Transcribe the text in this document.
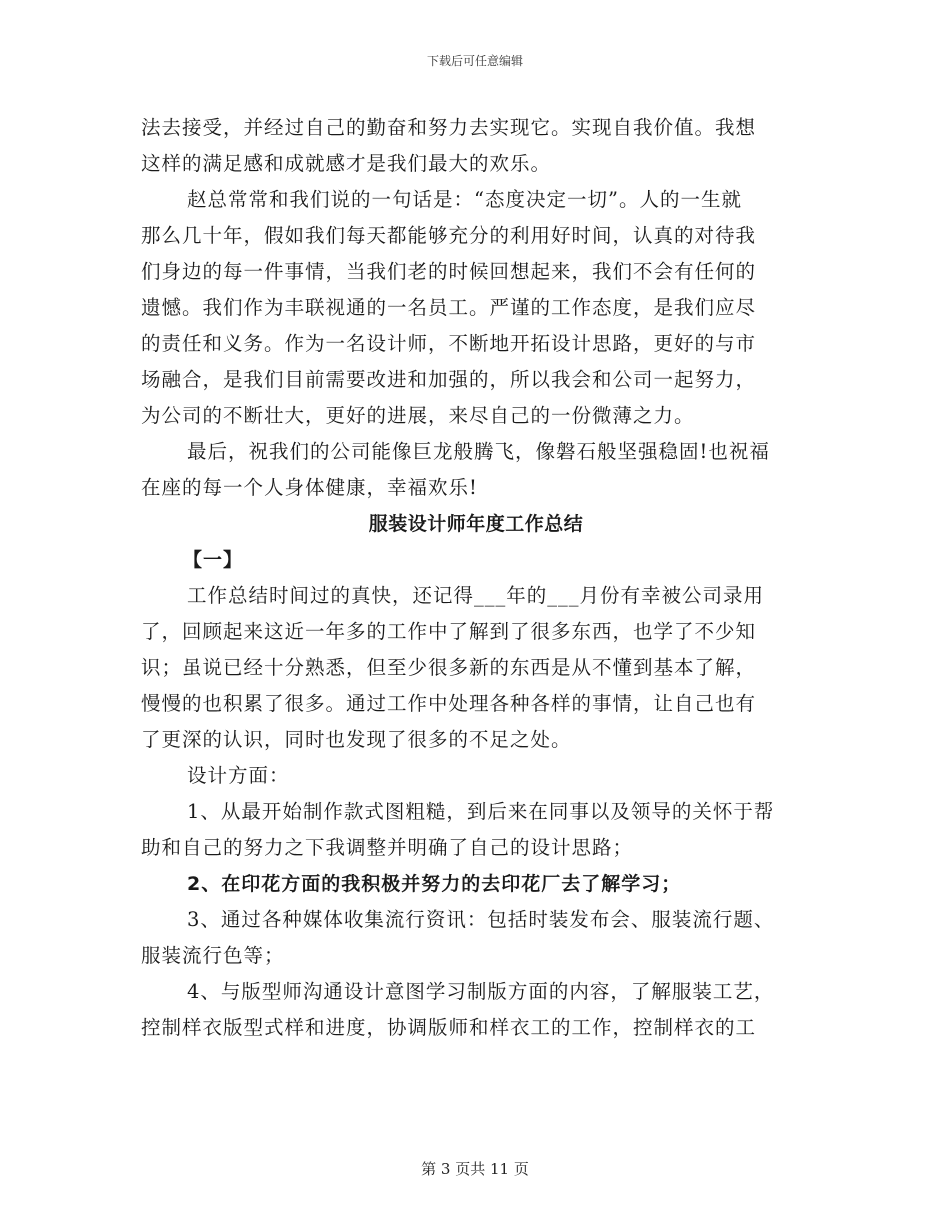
下载后可任意编辑
法去接受，并经过自己的勤奋和努力去实现它。实现自我价值。我想
这样的满足感和成就感才是我们最大的欢乐。
赵总常常和我们说的一句话是：“态度决定一切”。人的一生就
那么几十年，假如我们每天都能够充分的利用好时间，认真的对待我
们身边的每一件事情，当我们老的时候回想起来，我们不会有任何的
遗憾。我们作为丰联视通的一名员工。严谨的工作态度，是我们应尽
的责任和义务。作为一名设计师，不断地开拓设计思路，更好的与市
场融合，是我们目前需要改进和加强的，所以我会和公司一起努力，
为公司的不断壮大，更好的进展，来尽自己的一份微薄之力。
最后，祝我们的公司能像巨龙般腾飞，像磐石般坚强稳固!也祝福
在座的每一个人身体健康，幸福欢乐!
服装设计师年度工作总结
【一】
工作总结时间过的真快，还记得___年的___月份有幸被公司录用
了，回顾起来这近一年多的工作中了解到了很多东西，也学了不少知
识；虽说已经十分熟悉，但至少很多新的东西是从不懂到基本了解，
慢慢的也积累了很多。通过工作中处理各种各样的事情，让自己也有
了更深的认识，同时也发现了很多的不足之处。
设计方面：
1、从最开始制作款式图粗糙，到后来在同事以及领导的关怀于帮
助和自己的努力之下我调整并明确了自己的设计思路；
2、在印花方面的我积极并努力的去印花厂去了解学习；
3、通过各种媒体收集流行资讯：包括时装发布会、服装流行题、
服装流行色等；
4、与版型师沟通设计意图学习制版方面的内容，了解服装工艺，
控制样衣版型式样和进度，协调版师和样衣工的工作，控制样衣的工
第 3 页共 11 页
